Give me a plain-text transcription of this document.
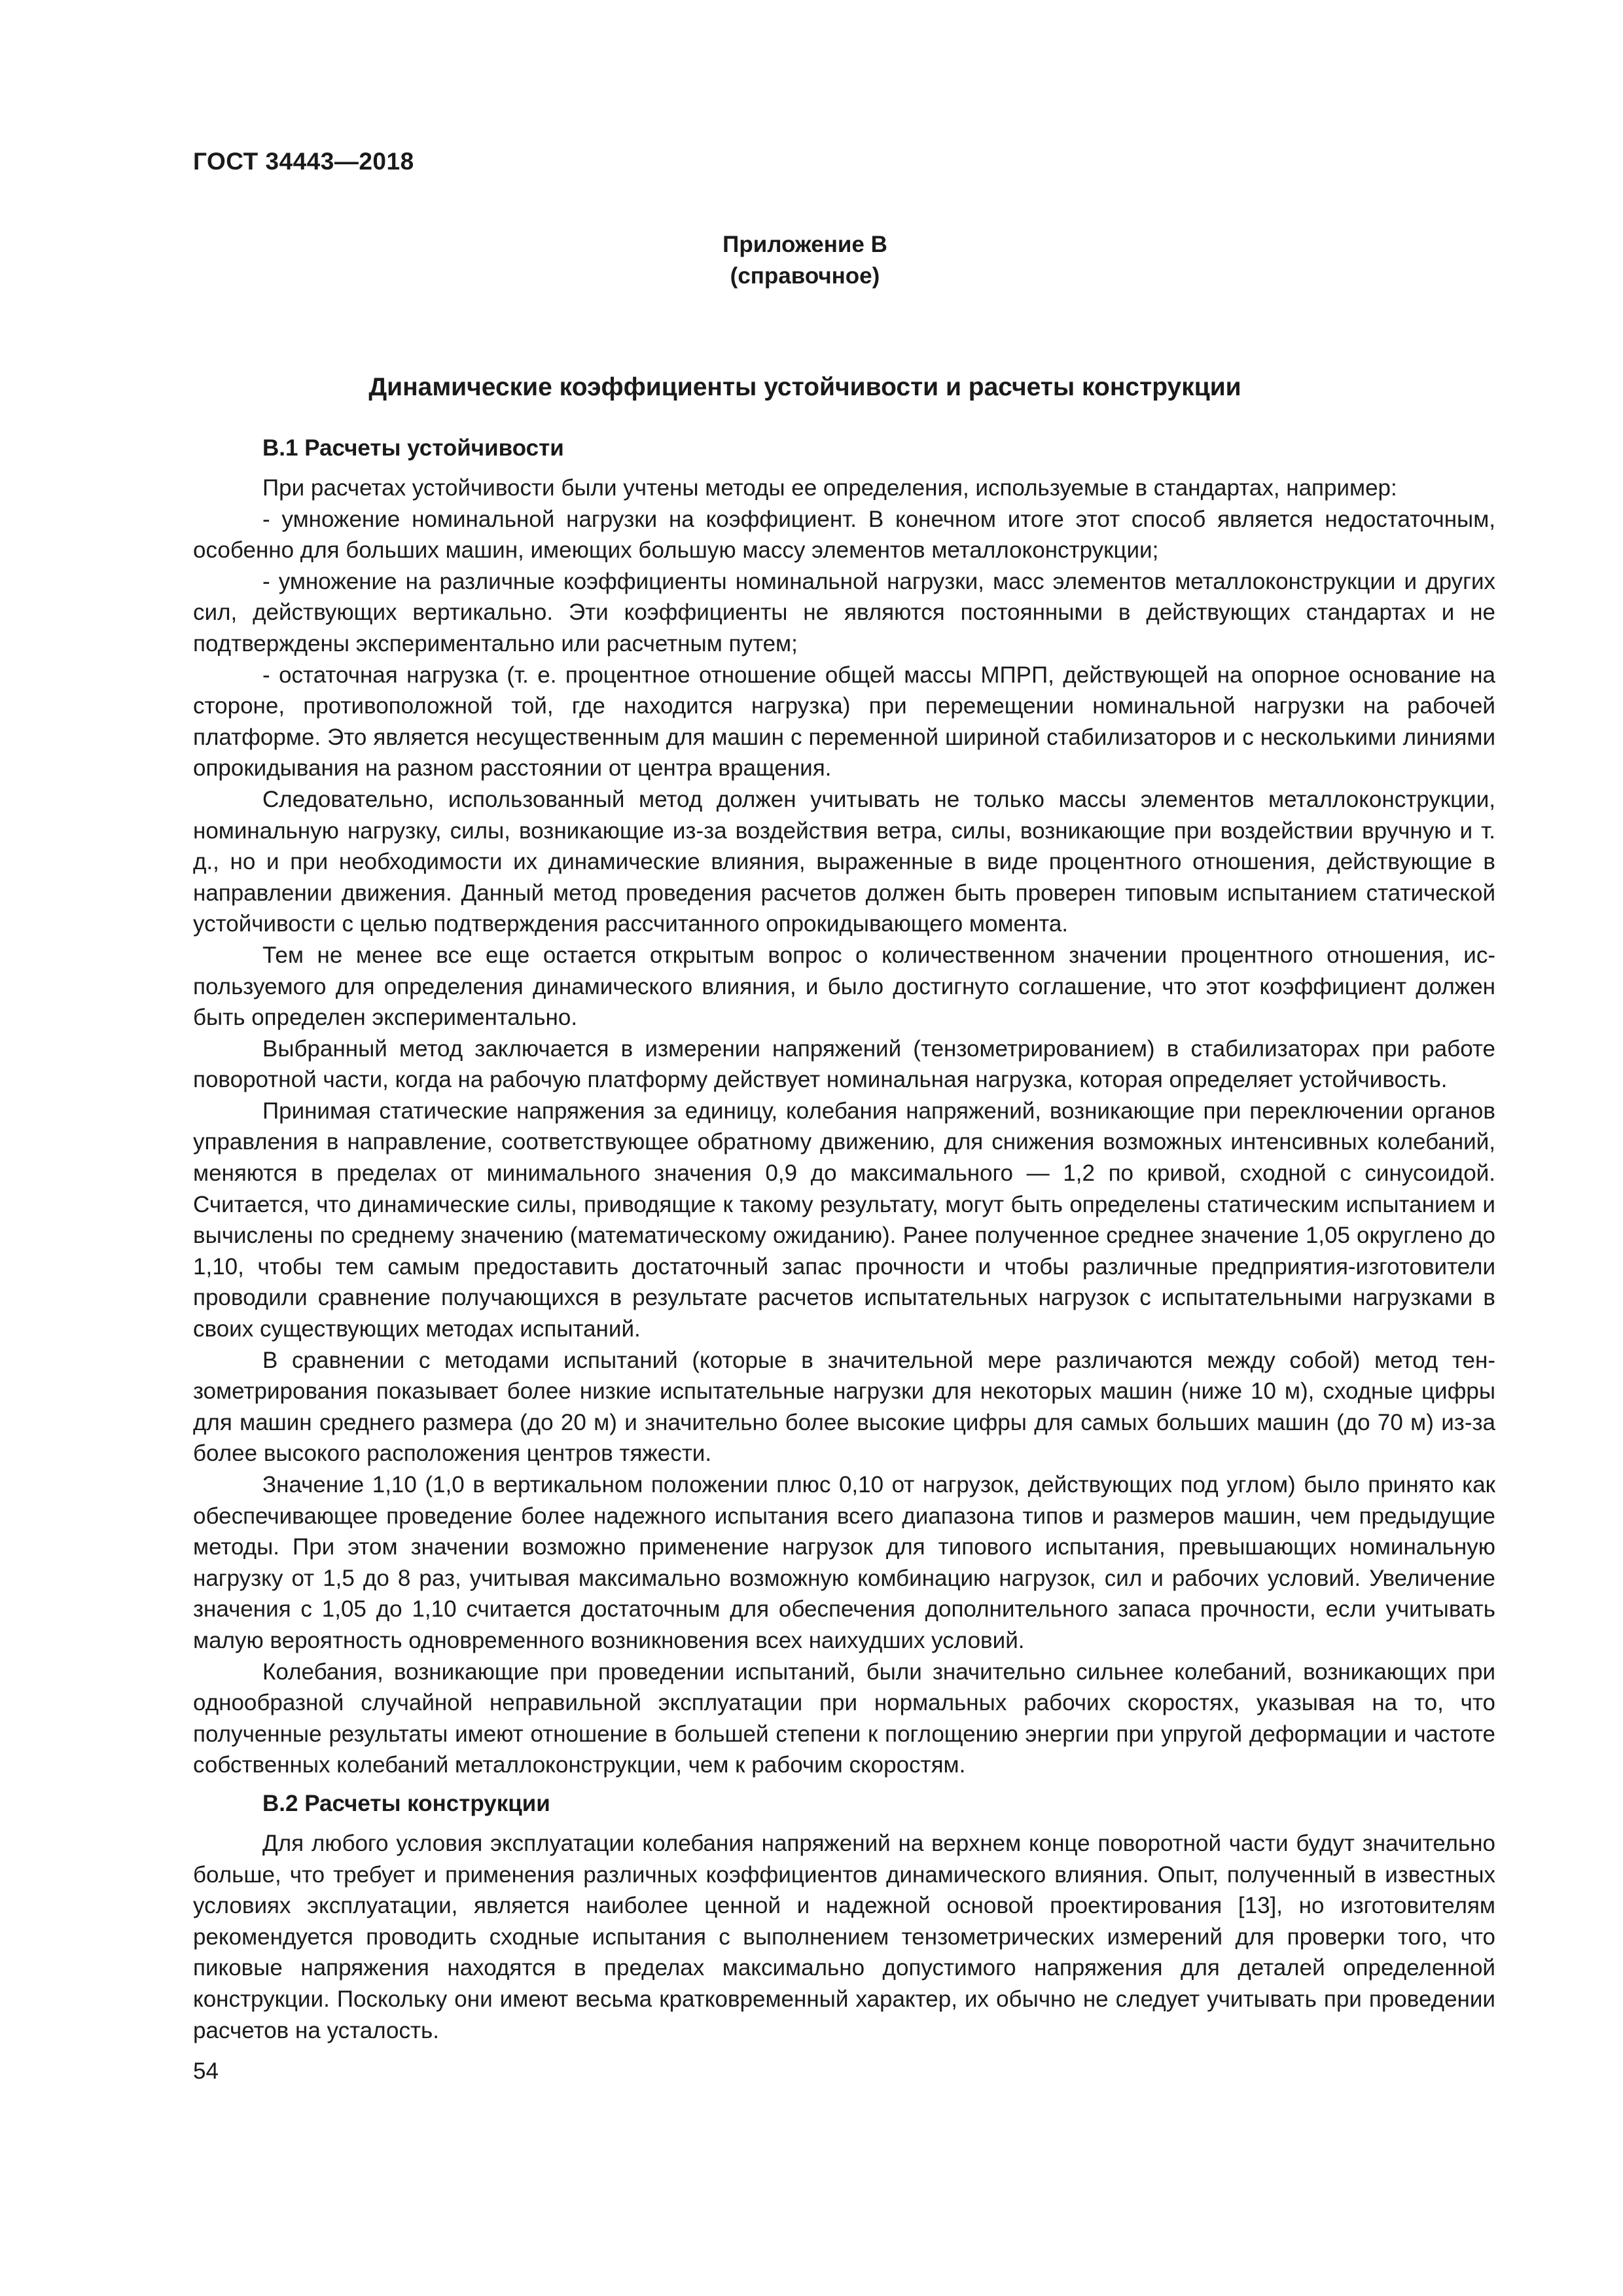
ГОСТ 34443—2018
Приложение В
(справочное)
Динамические коэффициенты устойчивости и расчеты конструкции
В.1 Расчеты устойчивости

При расчетах устойчивости были учтены методы ее определения, используемые в стандартах, например:

- умножение номинальной нагрузки на коэффициент. В конечном итоге этот способ является недостаточным, особенно для больших машин, имеющих большую массу элементов металлоконструкции;

- умножение на различные коэффициенты номинальной нагрузки, масс элементов металлоконструкции и других сил, действующих вертикально. Эти коэффициенты не являются постоянными в действующих стандартах и не подтверждены экспериментально или расчетным путем;

- остаточная нагрузка (т. е. процентное отношение общей массы МПРП, действующей на опорное основание на стороне, противоположной той, где находится нагрузка) при перемещении номинальной нагрузки на рабочей платформе. Это является несущественным для машин с переменной шириной стабилизаторов и с несколькими линиями опрокидывания на разном расстоянии от центра вращения.

Следовательно, использованный метод должен учитывать не только массы элементов металлоконструкции, номинальную нагрузку, силы, возникающие из-за воздействия ветра, силы, возникающие при воздействии вручную и т. д., но и при необходимости их динамические влияния, выраженные в виде процентного отношения, действующие в направлении движения. Данный метод проведения расчетов должен быть проверен типовым испытанием статической устойчивости с целью подтверждения рассчитанного опрокидывающего момента.

Тем не менее все еще остается открытым вопрос о количественном значении процентного отношения, используемого для определения динамического влияния, и было достигнуто соглашение, что этот коэффициент должен быть определен экспериментально.

Выбранный метод заключается в измерении напряжений (тензометрированием) в стабилизаторах при работе поворотной части, когда на рабочую платформу действует номинальная нагрузка, которая определяет устойчивость.

Принимая статические напряжения за единицу, колебания напряжений, возникающие при переключении органов управления в направление, соответствующее обратному движению, для снижения возможных интенсивных колебаний, меняются в пределах от минимального значения 0,9 до максимального — 1,2 по кривой, сходной с синусоидой. Считается, что динамические силы, приводящие к такому результату, могут быть определены статическим испытанием и вычислены по среднему значению (математическому ожиданию). Ранее полученное среднее значение 1,05 округлено до 1,10, чтобы тем самым предоставить достаточный запас прочности и чтобы различные предприятия-изготовители проводили сравнение получающихся в результате расчетов испытательных нагрузок с испытательными нагрузками в своих существующих методах испытаний.

В сравнении с методами испытаний (которые в значительной мере различаются между собой) метод тензометрирования показывает более низкие испытательные нагрузки для некоторых машин (ниже 10 м), сходные цифры для машин среднего размера (до 20 м) и значительно более высокие цифры для самых больших машин (до 70 м) из-за более высокого расположения центров тяжести.

Значение 1,10 (1,0 в вертикальном положении плюс 0,10 от нагрузок, действующих под углом) было принято как обеспечивающее проведение более надежного испытания всего диапазона типов и размеров машин, чем предыдущие методы. При этом значении возможно применение нагрузок для типового испытания, превышающих номинальную нагрузку от 1,5 до 8 раз, учитывая максимально возможную комбинацию нагрузок, сил и рабочих условий. Увеличение значения с 1,05 до 1,10 считается достаточным для обеспечения дополнительного запаса прочности, если учитывать малую вероятность одновременного возникновения всех наихудших условий.

Колебания, возникающие при проведении испытаний, были значительно сильнее колебаний, возникающих при однообразной случайной неправильной эксплуатации при нормальных рабочих скоростях, указывая на то, что полученные результаты имеют отношение в большей степени к поглощению энергии при упругой деформации и частоте собственных колебаний металлоконструкции, чем к рабочим скоростям.

В.2 Расчеты конструкции

Для любого условия эксплуатации колебания напряжений на верхнем конце поворотной части будут значительно больше, что требует и применения различных коэффициентов динамического влияния. Опыт, полученный в известных условиях эксплуатации, является наиболее ценной и надежной основой проектирования [13], но изготовителям рекомендуется проводить сходные испытания с выполнением тензометрических измерений для проверки того, что пиковые напряжения находятся в пределах максимально допустимого напряжения для деталей определенной конструкции. Поскольку они имеют весьма кратковременный характер, их обычно не следует учитывать при проведении расчетов на усталость.

54
